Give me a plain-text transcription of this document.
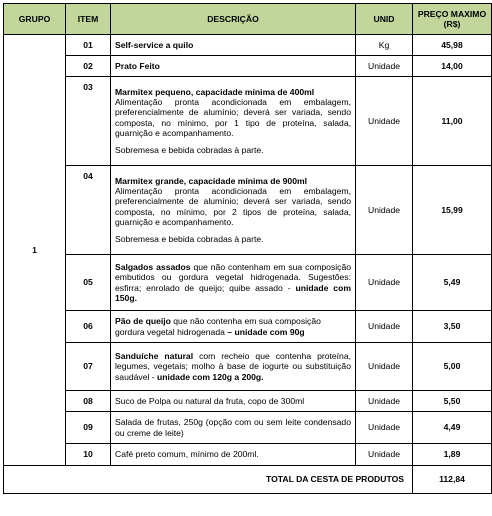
GRUPO	ITEM	DESCRIÇÃO	UNID	PREÇO MAXIMO
(R$)

1	01	Self-service a quilo	Kg	45,98
	02	Prato Feito	Unidade	14,00
	03	Marmitex pequeno, capacidade mínima de 400ml
Alimentação pronta acondicionada em embalagem, preferencialmente de alumínio; deverá ser variada, sendo composta, no mínimo, por 1 tipo de proteína, salada, guarnição e acompanhamento.
Sobremesa e bebida cobradas à parte.	Unidade	11,00
	04	Marmitex grande, capacidade mínima de 900ml
Alimentação pronta acondicionada em embalagem, preferencialmente de alumínio; deverá ser variada, sendo composta, no mínimo, por 2 tipos de proteína, salada, guarnição e acompanhamento.
Sobremesa e bebida cobradas à parte.	Unidade	15,99
	05	Salgados assados que não contenham em sua composição embutidos ou gordura vegetal hidrogenada. Sugestões: esfirra; enrolado de queijo; quibe assado - unidade com 150g.	Unidade	5,49
	06	Pão de queijo que não contenha em sua composição gordura vegetal hidrogenada – unidade com 90g	Unidade	3,50
	07	Sanduíche natural com recheio que contenha proteína, legumes, vegetais; molho à base de iogurte ou substituição saudável - unidade com 120g a 200g.	Unidade	5,00
	08	Suco de Polpa ou natural da fruta, copo de 300ml	Unidade	5,50
	09	Salada de frutas, 250g (opção com ou sem leite condensado ou creme de leite)	Unidade	4,49
	10	Café preto comum, mínimo de 200ml.	Unidade	1,89
TOTAL DA CESTA DE PRODUTOS				112,84
